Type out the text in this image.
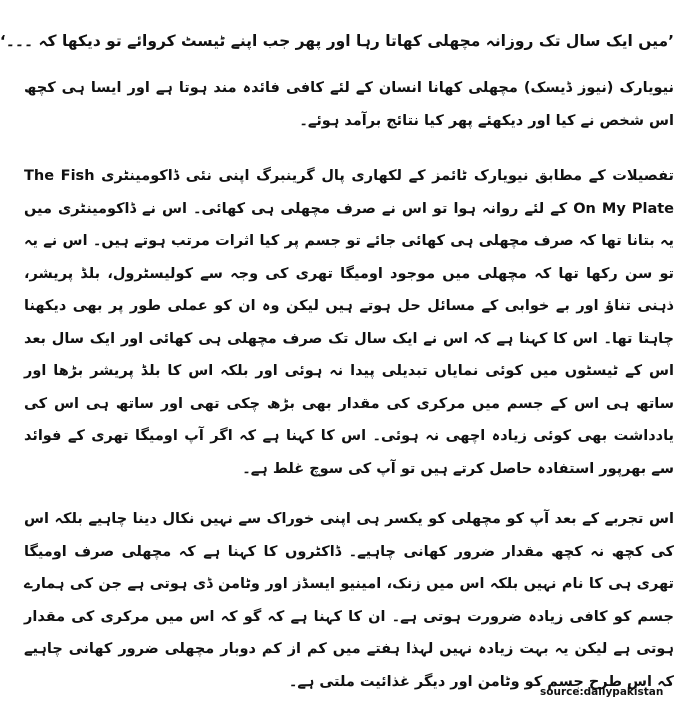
’میں ایک سال تک روزانہ مچھلی کھاتا رہا اور پھر جب اپنے ٹیسٹ کروائے تو دیکھا کہ ۔۔۔‘

نیویارک (نیوز ڈیسک) مچھلی کھانا انسان کے لئے کافی فائدہ مند ہوتا ہے اور ایسا ہی کچھ اس شخص نے کیا اور دیکھئے پھر کیا نتائج برآمد ہوئے۔

تفصیلات کے مطابق نیویارک ٹائمز کے لکھاری پال گرینبرگ اپنی نئی ڈاکومینٹری The Fish On My Plate کے لئے روانہ ہوا تو اس نے صرف مچھلی ہی کھائی۔ اس نے ڈاکومینٹری میں یہ بتانا تھا کہ صرف مچھلی ہی کھائی جائے تو جسم پر کیا اثرات مرتب ہوتے ہیں۔ اس نے یہ تو سن رکھا تھا کہ مچھلی میں موجود اومیگا تھری کی وجہ سے کولیسٹرول، بلڈ پریشر، ذہنی تناؤ اور بے خوابی کے مسائل حل ہوتے ہیں لیکن وہ ان کو عملی طور پر بھی دیکھنا چاہتا تھا۔ اس کا کہنا ہے کہ اس نے ایک سال تک صرف مچھلی ہی کھائی اور ایک سال بعد اس کے ٹیسٹوں میں کوئی نمایاں تبدیلی پیدا نہ ہوئی اور بلکہ اس کا بلڈ پریشر بڑھا اور ساتھ ہی اس کے جسم میں مرکری کی مقدار بھی بڑھ چکی تھی اور ساتھ ہی اس کی یادداشت بھی کوئی زیادہ اچھی نہ ہوئی۔ اس کا کہنا ہے کہ اگر آپ اومیگا تھری کے فوائد سے بھرپور استفادہ حاصل کرتے ہیں تو آپ کی سوچ غلط ہے۔

اس تجربے کے بعد آپ کو مچھلی کو یکسر ہی اپنی خوراک سے نہیں نکال دینا چاہیے بلکہ اس کی کچھ نہ کچھ مقدار ضرور کھانی چاہیے۔ ڈاکٹروں کا کہنا ہے کہ مچھلی صرف اومیگا تھری ہی کا نام نہیں بلکہ اس میں زنک، امینیو ایسڈز اور وٹامن ڈی ہوتی ہے جن کی ہمارے جسم کو کافی زیادہ ضرورت ہوتی ہے۔ ان کا کہنا ہے کہ گو کہ اس میں مرکری کی مقدار ہوتی ہے لیکن یہ بہت زیادہ نہیں لہذا ہفتے میں کم از کم دوبار مچھلی ضرور کھانی چاہیے کہ اس طرح جسم کو وٹامن اور دیگر غذائیت ملتی ہے۔

source:dailypakistan
